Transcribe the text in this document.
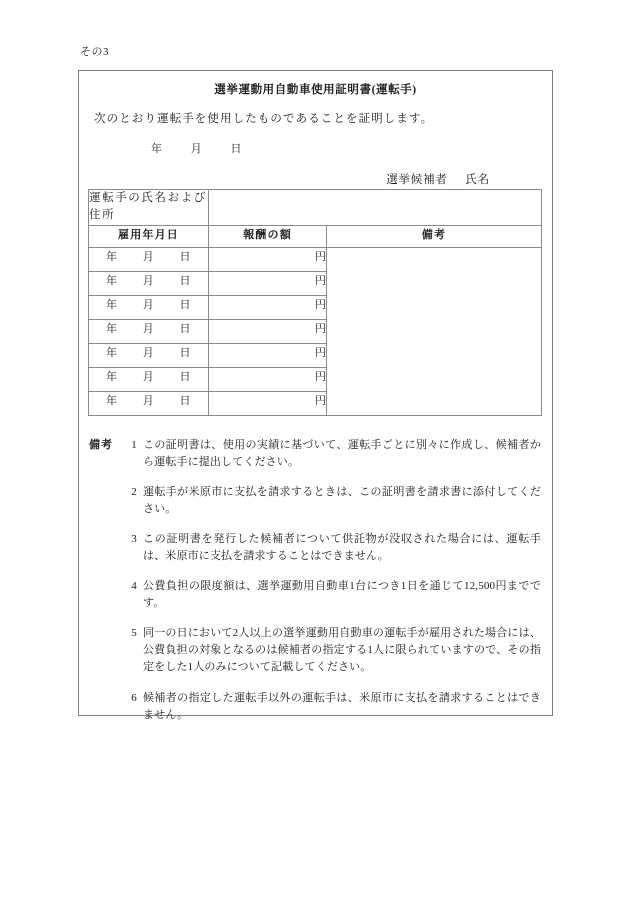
その3
選挙運動用自動車使用証明書(運転手)
次のとおり運転手を使用したものであることを証明します。
年	月	日
選挙候補者 氏名
運転手の氏名および住所		
雇用年月日	報酬の額	備考
年 月 日	円	
年 月 日	円	
年 月 日	円	
年 月 日	円	
年 月 日	円	
年 月 日	円	
年 月 日	円	
備考	1 この証明書は、使用の実績に基づいて、運転手ごとに別々に作成し、候補者から運転手に提出してください。
2 運転手が米原市に支払を請求するときは、この証明書を請求書に添付してください。
3 この証明書を発行した候補者について供託物が没収された場合には、運転手は、米原市に支払を請求することはできません。
4 公費負担の限度額は、選挙運動用自動車1台につき1日を通じて12,500円までです。
5 同一の日において2人以上の選挙運動用自動車の運転手が雇用された場合には、公費負担の対象となるのは候補者の指定する1人に限られていますので、その指定をした1人のみについて記載してください。
6 候補者の指定した運転手以外の運転手は、米原市に支払を請求することはできません。
